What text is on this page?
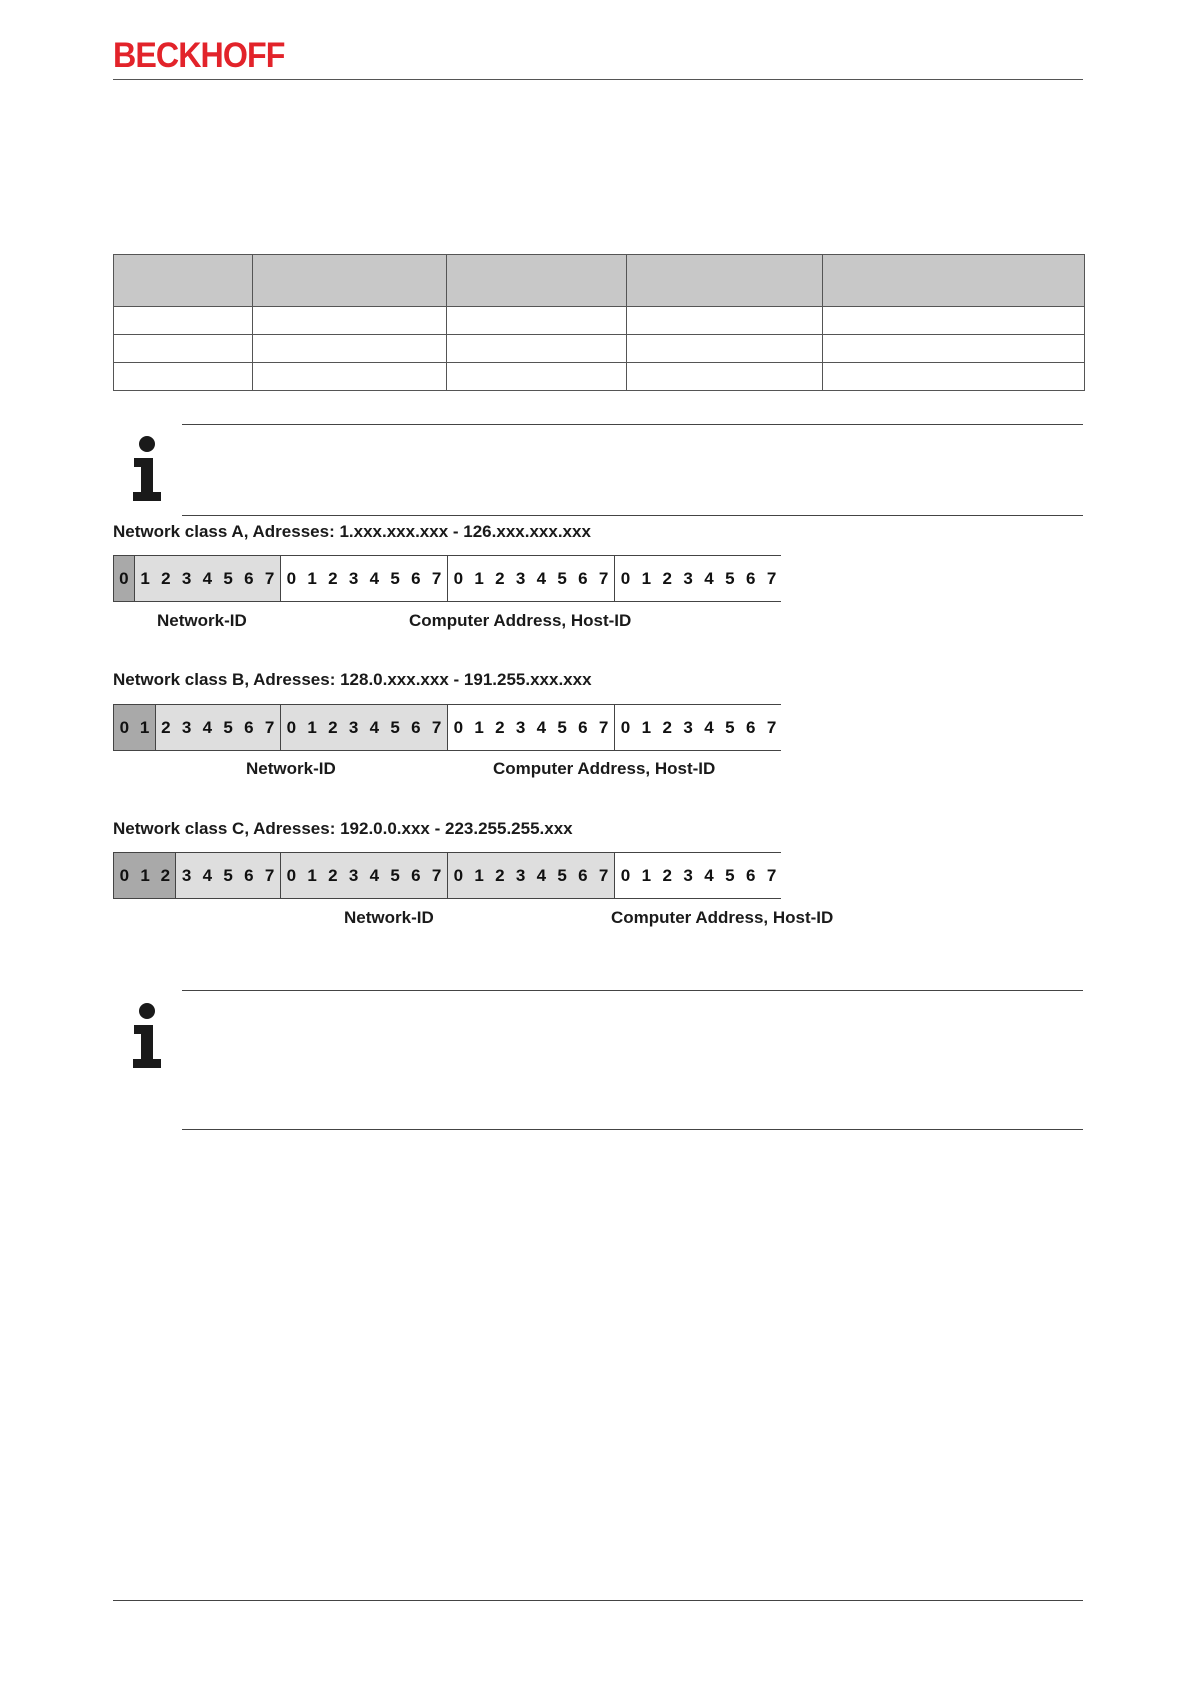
BECKHOFF

Network class A, Adresses: 1.xxx.xxx.xxx - 126.xxx.xxx.xxx
0 1 2 3 4 5 6 7 0 1 2 3 4 5 6 7 0 1 2 3 4 5 6 7 0 1 2 3 4 5 6 7
Network-ID	Computer Address, Host-ID
Network class B, Adresses: 128.0.xxx.xxx - 191.255.xxx.xxx
0 1 2 3 4 5 6 7 0 1 2 3 4 5 6 7 0 1 2 3 4 5 6 7 0 1 2 3 4 5 6 7
Network-ID	Computer Address, Host-ID
Network class C, Adresses: 192.0.0.xxx - 223.255.255.xxx
0 1 2 3 4 5 6 7 0 1 2 3 4 5 6 7 0 1 2 3 4 5 6 7 0 1 2 3 4 5 6 7
Network-ID	Computer Address, Host-ID
